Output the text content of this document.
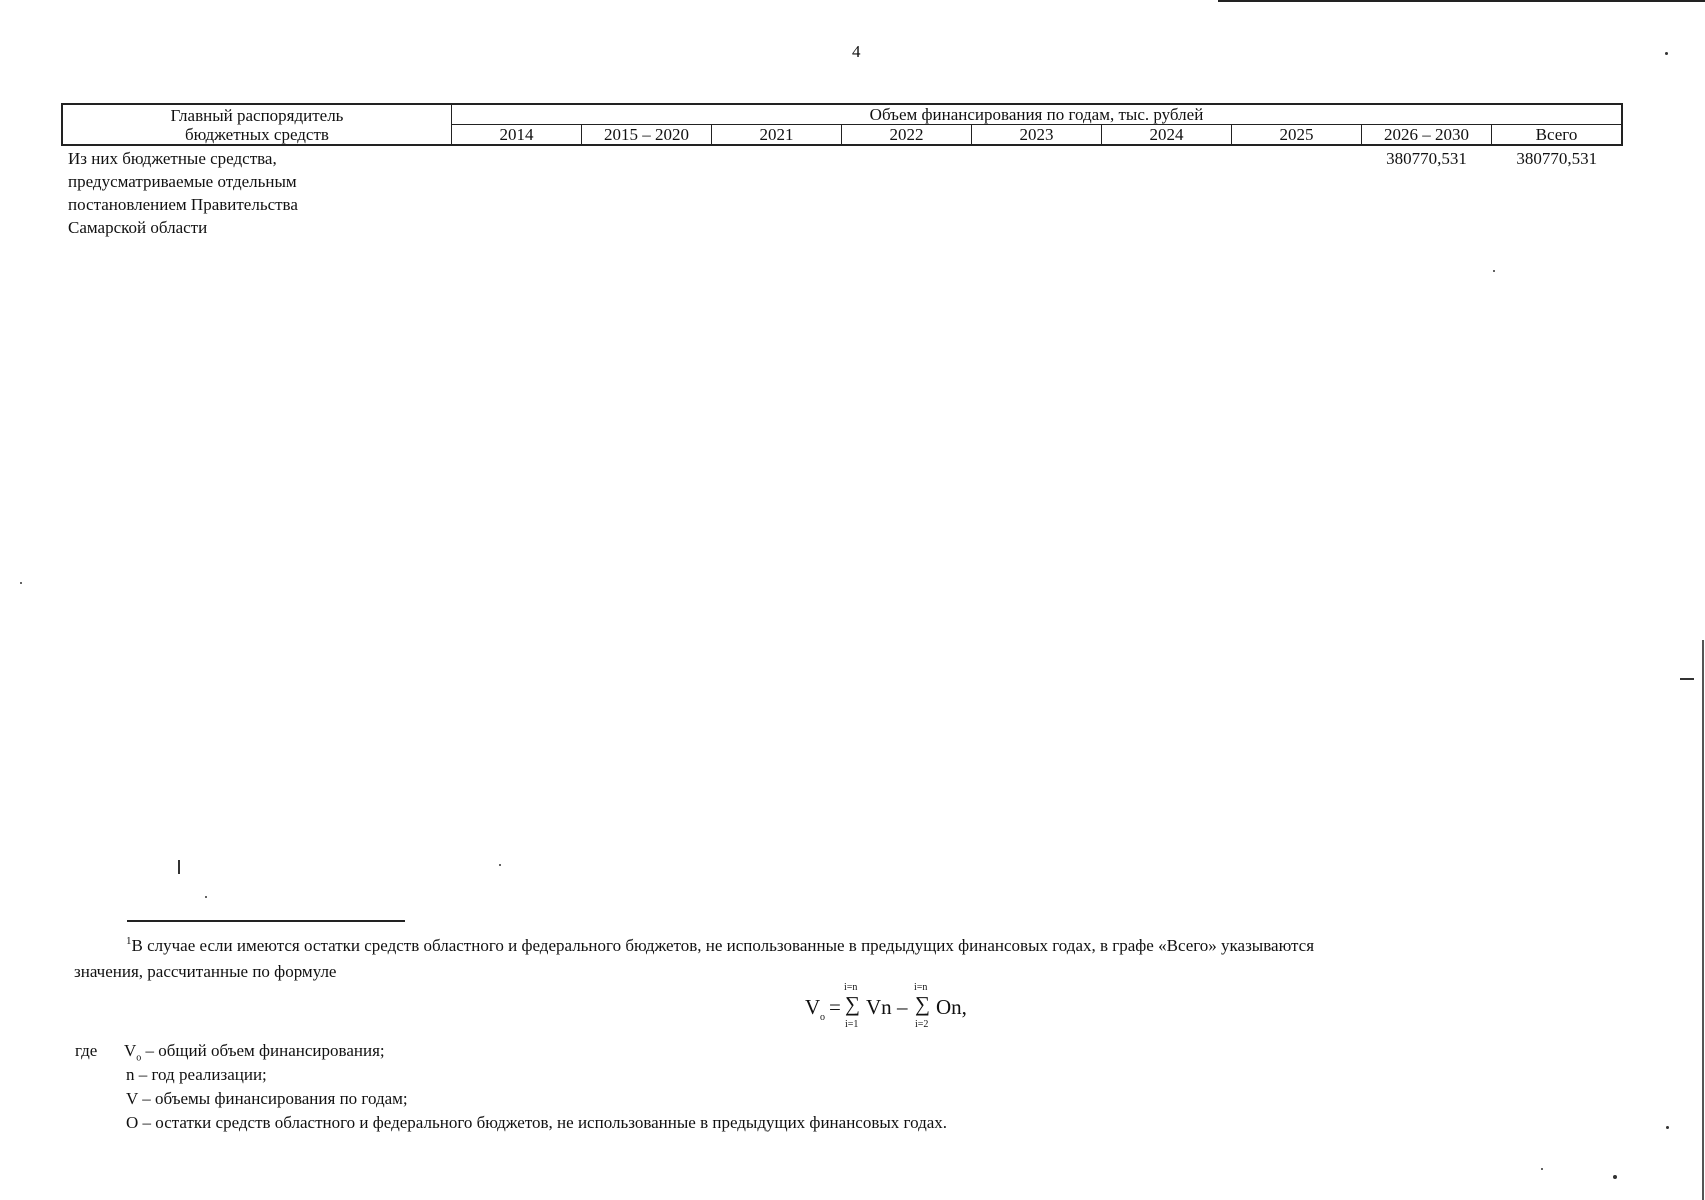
4
Главный распорядитель
бюджетных средств	Объем финансирования по годам, тыс. рублей								
	2014	2015 – 2020	2021	2022	2023	2024	2025	2026 – 2030	Всего

Из них бюджетные средства,
предусматриваемые отдельным
постановлением Правительства
Самарской области								380770,531	380770,531

$^1$В случае если имеются остатки средств областного и федерального бюджетов, не использованные в предыдущих финансовых годах, в графе «Всего» указываются

значения, рассчитанные по формуле
V o =
i=n
∑
i=1
Vn –
i=n
∑
i=2
On,
где $V_o$ – общий объем финансирования;
n – год реализации;
V – объемы финансирования по годам;
O – остатки средств областного и федерального бюджетов, не использованные в предыдущих финансовых годах.
